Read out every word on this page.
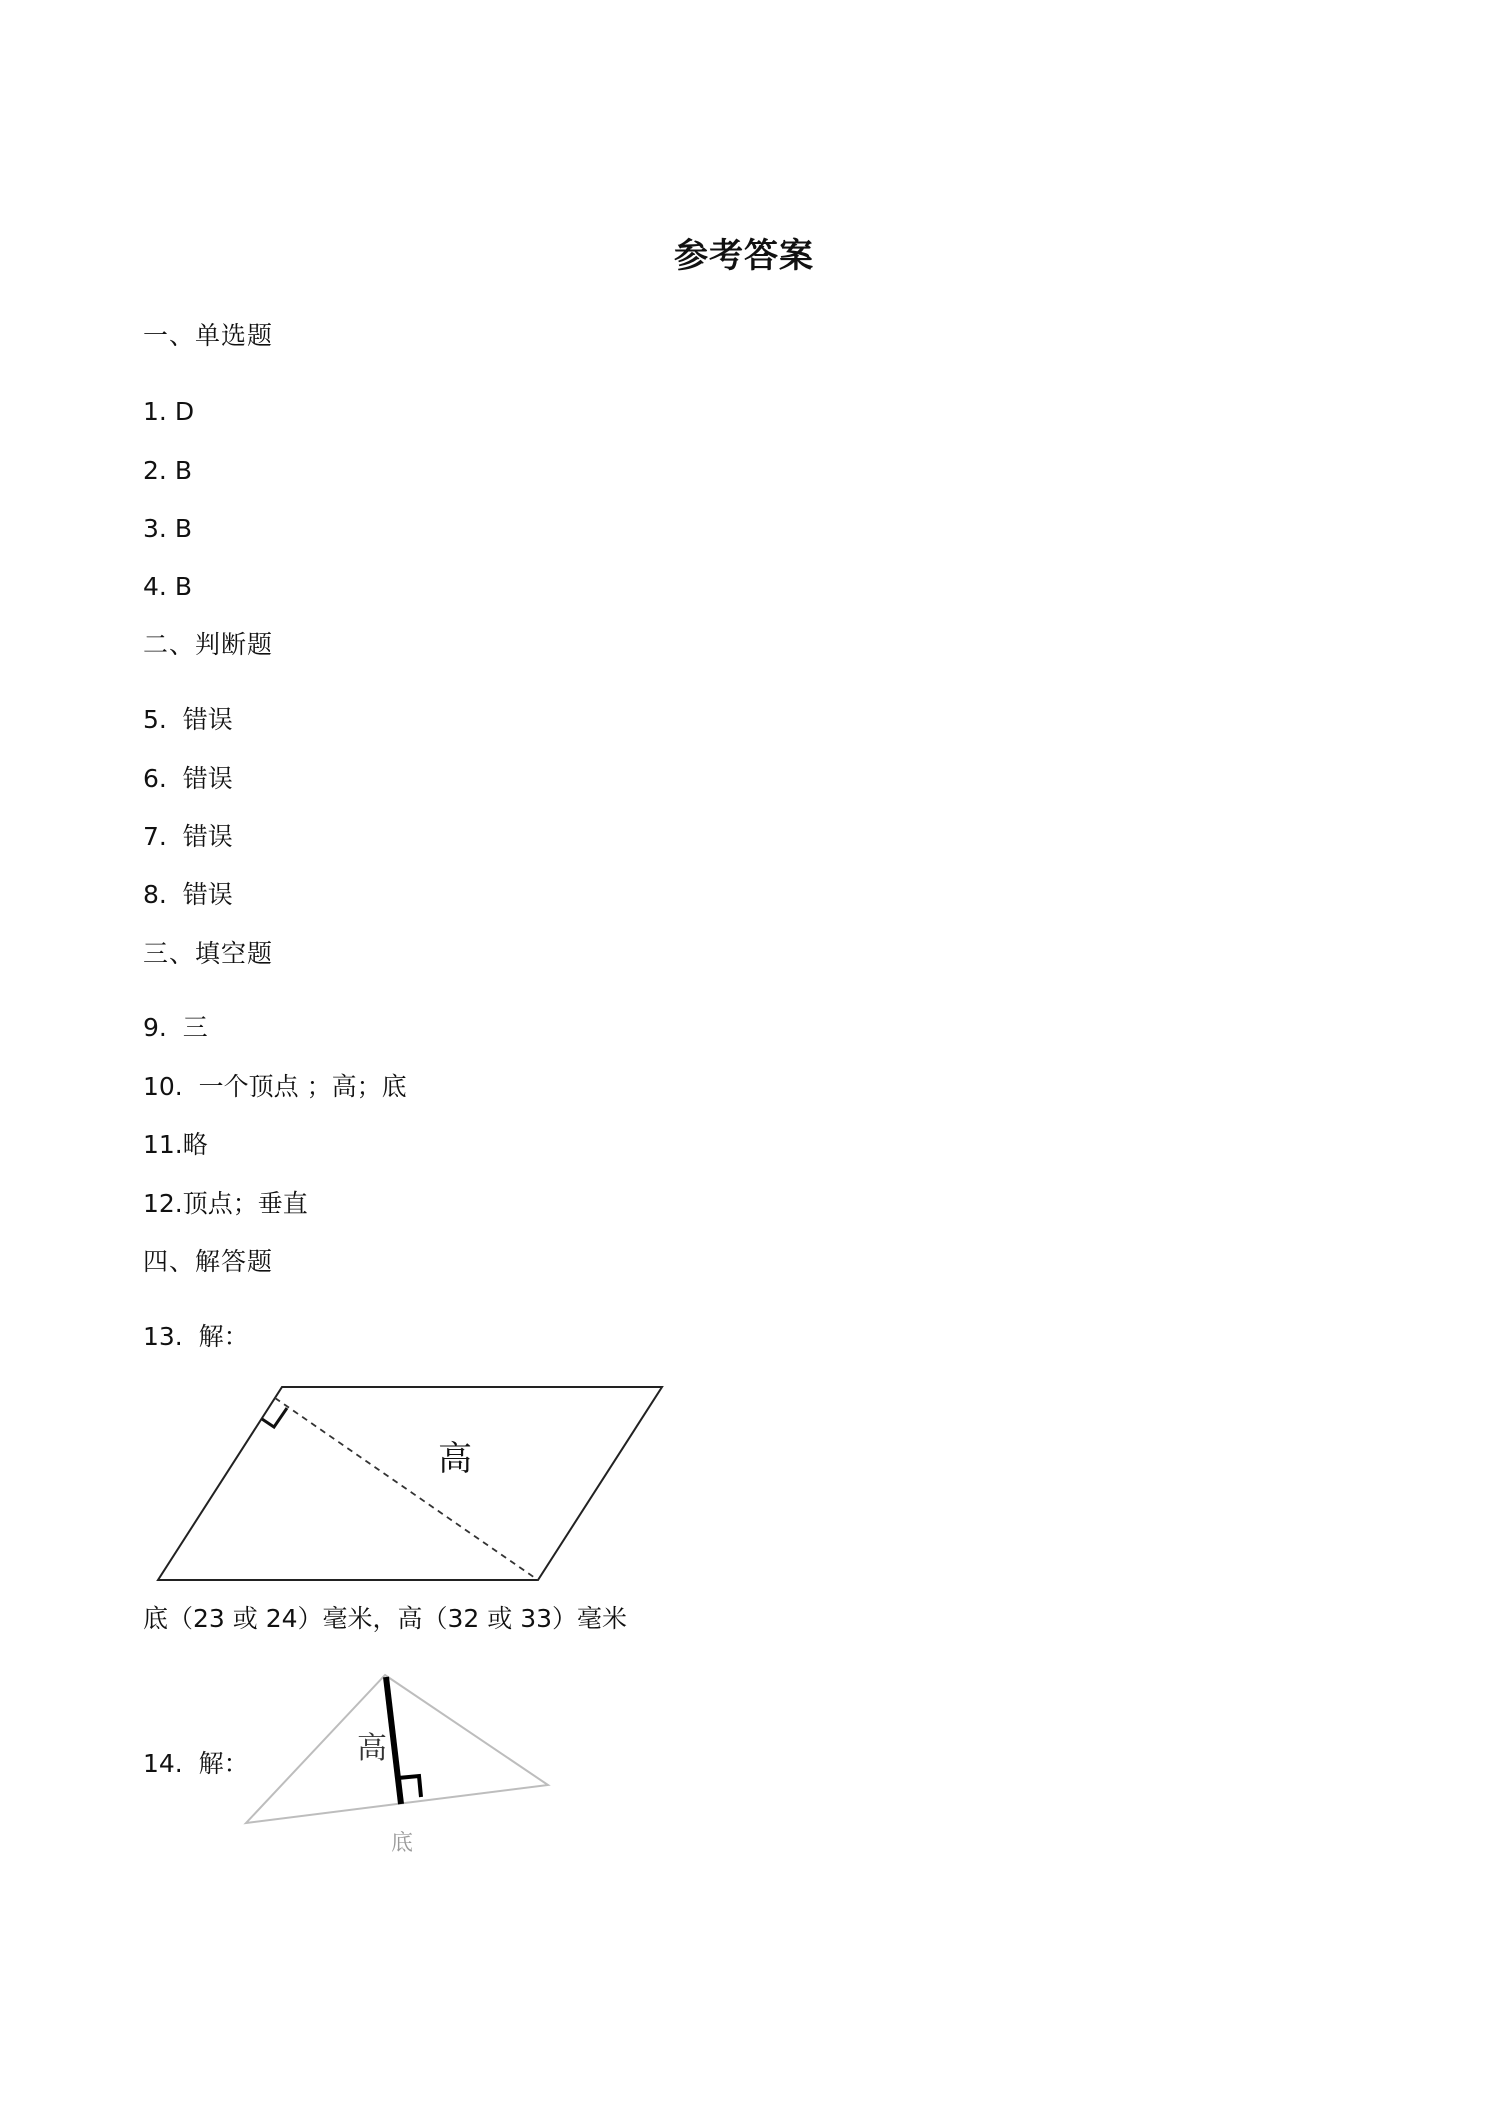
参考答案
一、单选题
1. D
2. B
3. B
4. B
二、判断题
5. 错误
6. 错误
7. 错误
8. 错误
三、填空题
9. 三
10. 一个顶点 ；高；底
11.略
12.顶点；垂直
四、解答题
13. 解：
高
底（23 或 24）毫米，高（32 或 33）毫米
14. 解：	高
底
